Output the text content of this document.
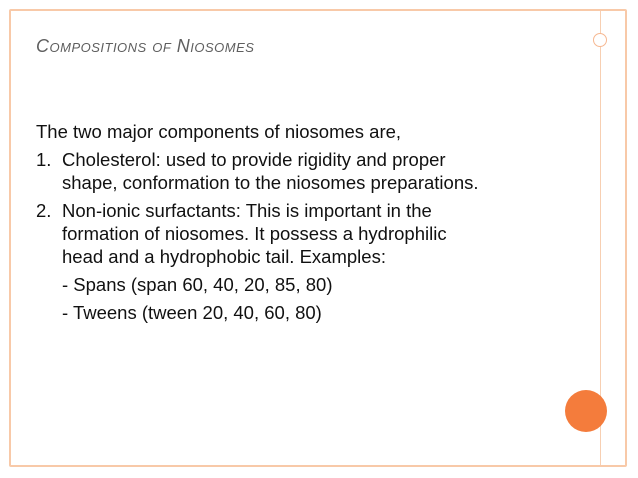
Compositions of Niosomes

The two major components of niosomes are,

1. Cholesterol: used to provide rigidity and proper
shape, conformation to the niosomes preparations.
2. Non-ionic surfactants: This is important in the
formation of niosomes. It possess a hydrophilic
head and a hydrophobic tail. Examples:

- Spans (span 60, 40, 20, 85, 80)

- Tweens (tween 20, 40, 60, 80)
